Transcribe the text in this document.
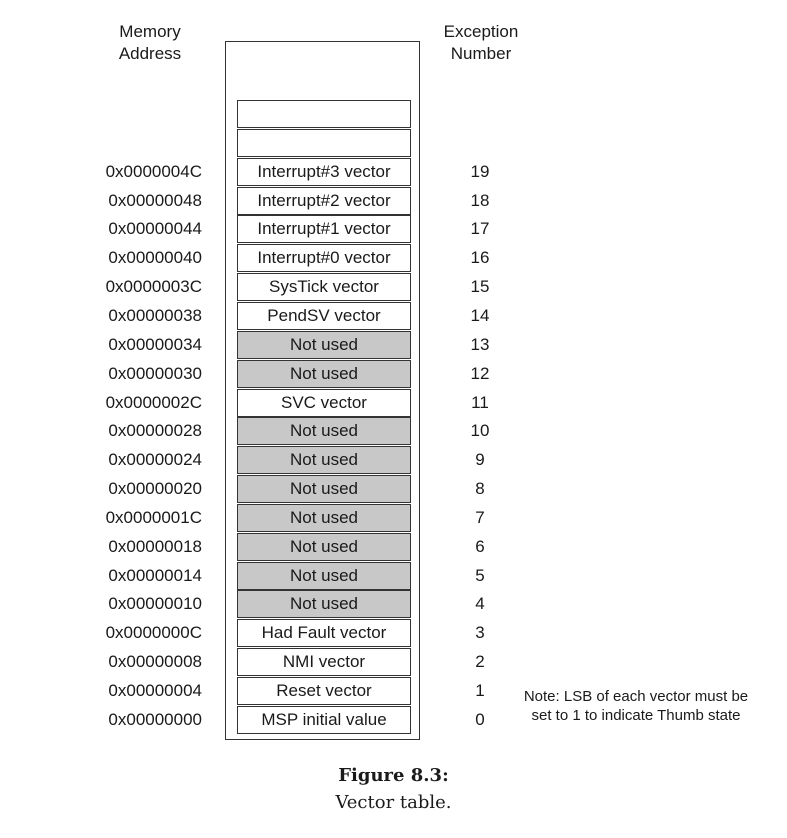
Memory
Address
Exception
Number
0x0000004C	Interrupt#3 vector	19
0x00000048	Interrupt#2 vector	18
0x00000044	Interrupt#1 vector	17
0x00000040	Interrupt#0 vector	16
0x0000003C	SysTick vector	15
0x00000038	PendSV vector	14
0x00000034	Not used	13
0x00000030	Not used	12
0x0000002C	SVC vector	11
0x00000028	Not used	10
0x00000024	Not used	9
0x00000020	Not used	8
0x0000001C	Not used	7
0x00000018	Not used	6
0x00000014	Not used	5
0x00000010	Not used	4
0x0000000C	Had Fault vector	3
0x00000008	NMI vector	2
0x00000004	Reset vector	1
0x00000000	MSP initial value	0
Note: LSB of each vector must be
set to 1 to indicate Thumb state
Figure 8.3:
Vector table.
